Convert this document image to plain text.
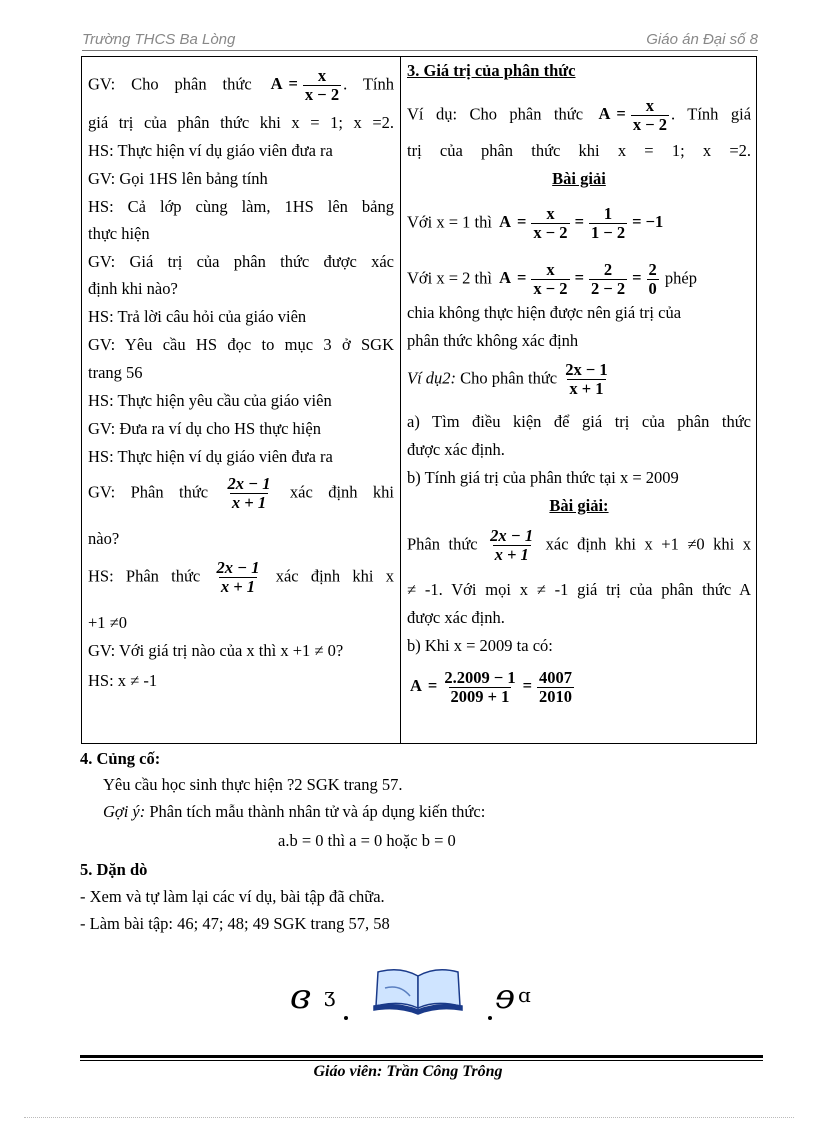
Trường THCS Ba Lòng	Giáo án Đại số 8
GV: Cho phân thức $A = \frac{x}{x - 2}$ . Tính
giá trị của phân thức khi x = 1; x =2.
HS: Thực hiện ví dụ giáo viên đưa ra
GV: Gọi 1HS lên bảng tính
HS: Cả lớp cùng làm, 1HS lên bảng
thực hiện
GV: Giá trị của phân thức được xác
định khi nào?
HS: Trả lời câu hỏi của giáo viên
GV: Yêu cầu HS đọc to mục 3 ở SGK
trang 56
HS: Thực hiện yêu cầu của giáo viên
GV: Đưa ra ví dụ cho HS thực hiện
HS: Thực hiện ví dụ giáo viên đưa ra
GV: Phân thức $\frac{2x - 1}{x + 1}$ xác định khi
nào?
HS: Phân thức $\frac{2x - 1}{x + 1}$ xác định khi x
+1 ≠0
GV: Với giá trị nào của x thì x +1 ≠ 0?
HS: x ≠ -1
3. Giá trị của phân thức
Ví dụ: Cho phân thức $A = \frac{x}{x - 2}$ . Tính giá
trị của phân thức khi x = 1; x =2.
Bài giải
Với x = 1 thì $A = \frac{x}{x - 2} = \frac{1}{1 - 2} = -1$
Với x = 2 thì $A = \frac{x}{x - 2} = \frac{2}{2 - 2} = \frac{2}{0}$ phép
chia không thực hiện được nên giá trị của
phân thức không xác định
Ví dụ2: Cho phân thức $\frac{2x - 1}{x + 1}$
a) Tìm điều kiện để giá trị của phân thức
được xác định.
b) Tính giá trị của phân thức tại x = 2009
Bài giải:
Phân thức $\frac{2x - 1}{x + 1}$ xác định khi x +1 ≠0 khi x
≠ -1. Với mọi x ≠ -1 giá trị của phân thức A
được xác định.
b) Khi x = 2009 ta có:
$A = \frac{2.2009 - 1}{2009 + 1} = \frac{4007}{2010}$
4. Củng cố:
Yêu cầu học sinh thực hiện ?2 SGK trang 57.
Gợi ý: Phân tích mẫu thành nhân tử và áp dụng kiến thức:
a.b = 0 thì a = 0 hoặc b = 0
5. Dặn dò
- Xem và tự làm lại các ví dụ, bài tập đã chữa.
- Làm bài tập: 46; 47; 48; 49 SGK trang 57, 58
ɞ ʒ	ɘ ɑ
Giáo viên: Trần Công Trông
